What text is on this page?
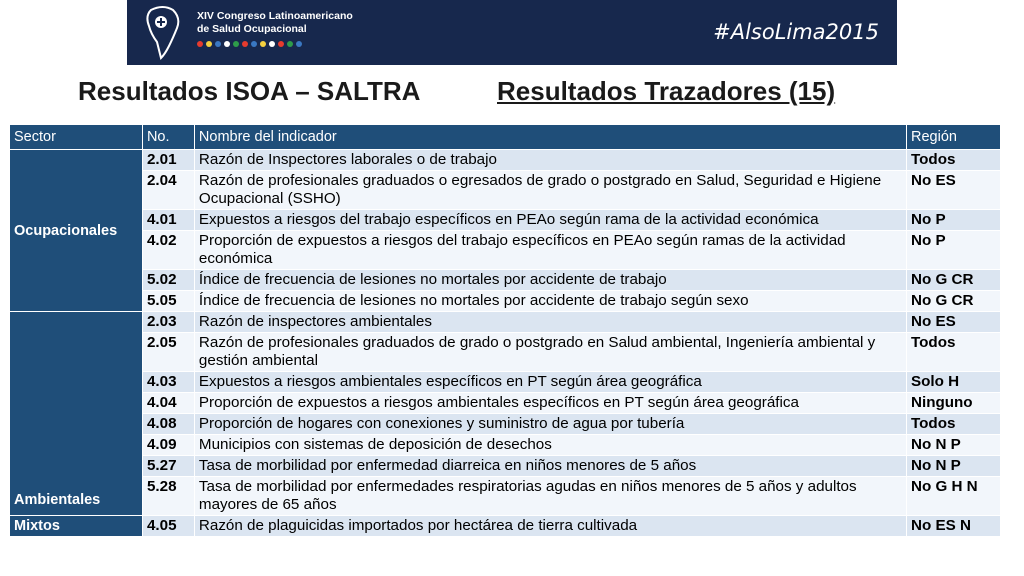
XIV Congreso Latinoamericano
de Salud Ocupacional	#AlsoLima2015
Resultados ISOA – SALTRA	Resultados Trazadores (15)
Sector	No.	Nombre del indicador	Región
Ocupacionales	2.01	Razón de Inspectores laborales o de trabajo	Todos
	2.04	Razón de profesionales graduados o egresados de grado o postgrado en Salud, Seguridad e Higiene Ocupacional (SSHO)	No ES
	4.01	Expuestos a riesgos del trabajo específicos en PEAo según rama de la actividad económica	No P
	4.02	Proporción de expuestos a riesgos del trabajo específicos en PEAo según ramas de la actividad económica	No P
	5.02	Índice de frecuencia de lesiones no mortales por accidente de trabajo	No G CR
	5.05	Índice de frecuencia de lesiones no mortales por accidente de trabajo según sexo	No G CR
Ambientales	2.03	Razón de inspectores ambientales	No ES
	2.05	Razón de profesionales graduados de grado o postgrado en Salud ambiental, Ingeniería ambiental y gestión ambiental	Todos
	4.03	Expuestos a riesgos ambientales específicos en PT según área geográfica	Solo H
	4.04	Proporción de expuestos a riesgos ambientales específicos en PT según área geográfica	Ninguno
	4.08	Proporción de hogares con conexiones y suministro de agua por tubería	Todos
	4.09	Municipios con sistemas de deposición de desechos	No N P
	5.27	Tasa de morbilidad por enfermedad diarreica en niños menores de 5 años	No N P
	5.28	Tasa de morbilidad por enfermedades respiratorias agudas en niños menores de 5 años y adultos mayores de 65 años	No G H N
Mixtos	4.05	Razón de plaguicidas importados por hectárea de tierra cultivada	No ES N
